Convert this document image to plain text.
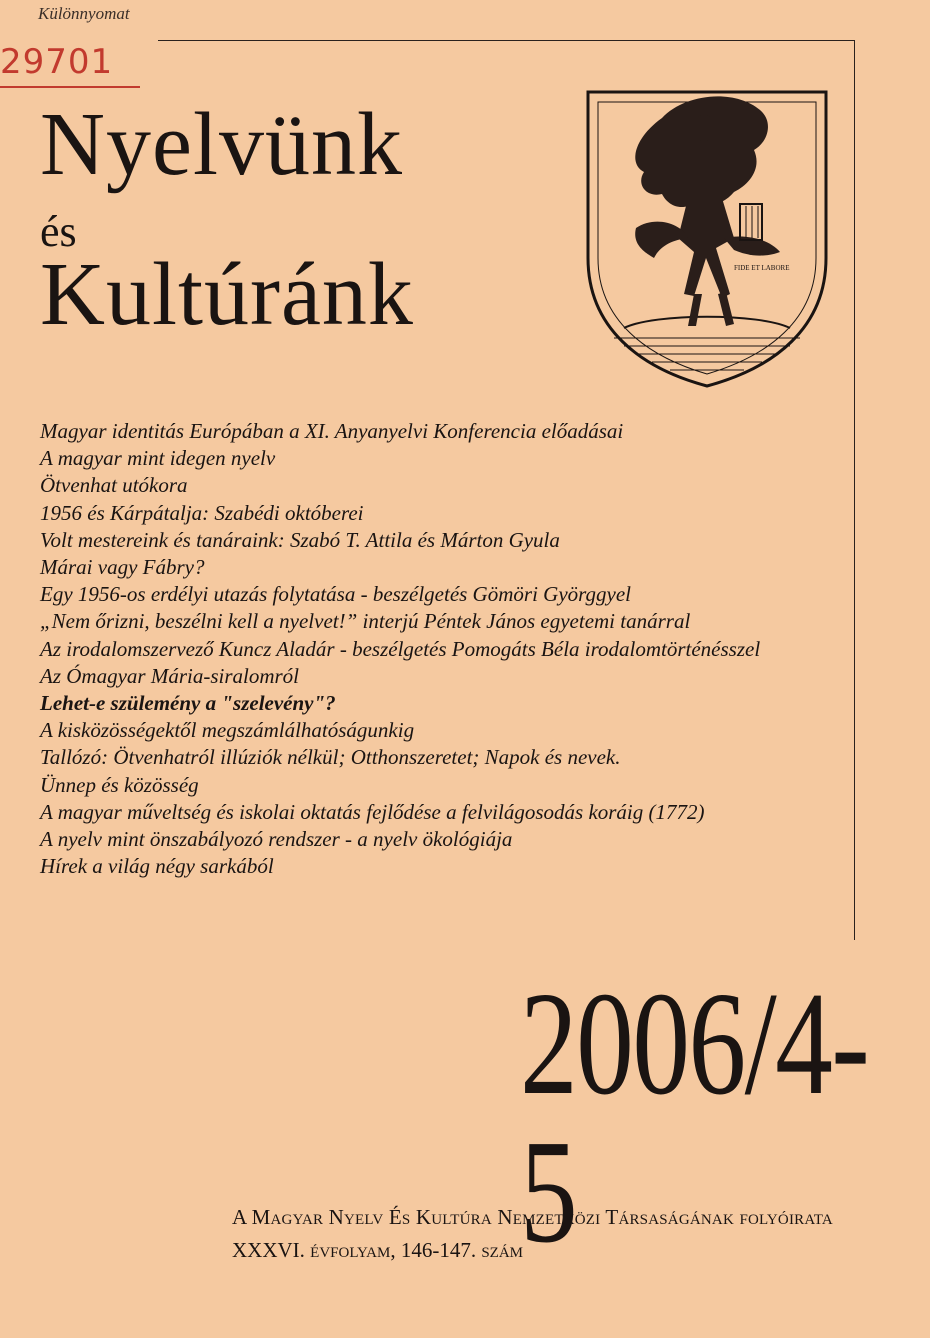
Különnyomat
29701
Nyelvünk
és
Kultúránk	FIDE ET LABORE
Magyar identitás Európában a XI. Anyanyelvi Konferencia előadásai
A magyar mint idegen nyelv
Ötvenhat utókora
1956 és Kárpátalja: Szabédi októberei
Volt mestereink és tanáraink: Szabó T. Attila és Márton Gyula
Márai vagy Fábry?
Egy 1956-os erdélyi utazás folytatása - beszélgetés Gömöri Györggyel
„Nem őrizni, beszélni kell a nyelvet!” interjú Péntek János egyetemi tanárral
Az irodalomszervező Kuncz Aladár - beszélgetés Pomogáts Béla irodalomtörténésszel
Az Ómagyar Mária-siralomról
Lehet-e szülemény a "szelevény"?
A kisközösségektől megszámlálhatóságunkig
Tallózó: Ötvenhatról illúziók nélkül; Otthonszeretet; Napok és nevek.
Ünnep és közösség
A magyar műveltség és iskolai oktatás fejlődése a felvilágosodás koráig (1772)
A nyelv mint önszabályozó rendszer - a nyelv ökológiája
Hírek a világ négy sarkából
2006/4-5
A Magyar Nyelv És Kultúra Nemzetközi Társaságának folyóirata
XXXVI. évfolyam, 146-147. szám
